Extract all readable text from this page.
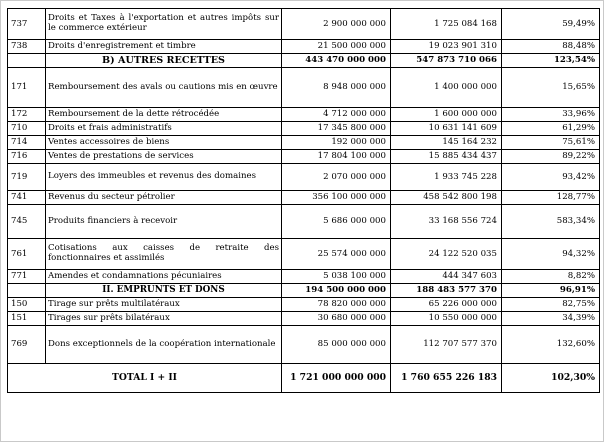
737	Droits et Taxes à l'exportation et autres impôts sur le commerce extérieur	2 900 000 000	1 725 084 168	59,49%
738	Droits d'enregistrement et timbre	21 500 000 000	19 023 901 310	88,48%
	B) AUTRES RECETTES	443 470 000 000	547 873 710 066	123,54%
171	Remboursement des avals ou cautions mis en œuvre	8 948 000 000	1 400 000 000	15,65%
172	Remboursement de la dette rétrocédée	4 712 000 000	1 600 000 000	33,96%
710	Droits et frais administratifs	17 345 800 000	10 631 141 609	61,29%
714	Ventes accessoires de biens	192 000 000	145 164 232	75,61%
716	Ventes de prestations de services	17 804 100 000	15 885 434 437	89,22%
719	Loyers des immeubles et revenus des domaines	2 070 000 000	1 933 745 228	93,42%
741	Revenus du secteur pétrolier	356 100 000 000	458 542 800 198	128,77%
745	Produits financiers à recevoir	5 686 000 000	33 168 556 724	583,34%
761	Cotisations aux caisses de retraite des fonctionnaires et assimilés	25 574 000 000	24 122 520 035	94,32%
771	Amendes et condamnations pécuniaires	5 038 100 000	444 347 603	8,82%
	II. EMPRUNTS ET DONS	194 500 000 000	188 483 577 370	96,91%
150	Tirage sur prêts multilatéraux	78 820 000 000	65 226 000 000	82,75%
151	Tirages sur prêts bilatéraux	30 680 000 000	10 550 000 000	34,39%
769	Dons exceptionnels de la coopération internationale	85 000 000 000	112 707 577 370	132,60%
TOTAL I + II		1 721 000 000 000	1 760 655 226 183	102,30%
